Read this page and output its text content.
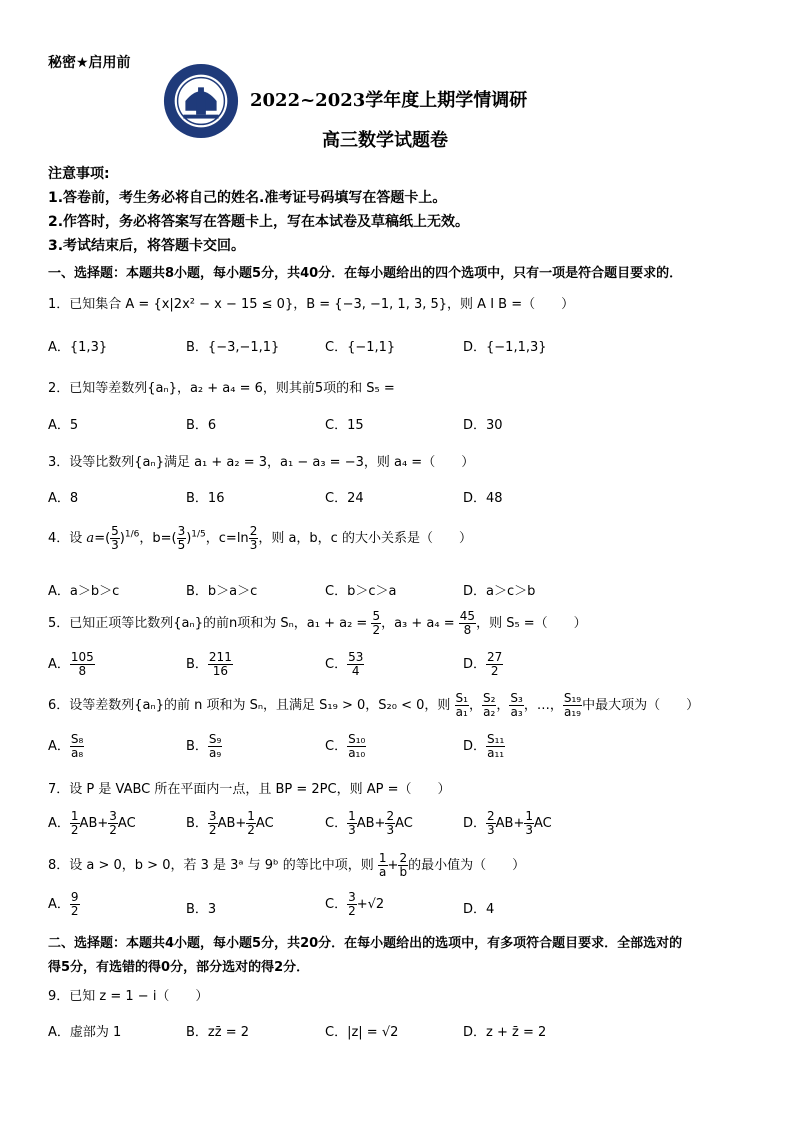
秘密★启用前
2022~2023学年度上期学情调研
高三数学试题卷
注意事项:
1.答卷前，考生务必将自己的姓名.准考证号码填写在答题卡上。
2.作答时，务必将答案写在答题卡上，写在本试卷及草稿纸上无效。
3.考试结束后，将答题卡交回。
一、选择题：本题共8小题，每小题5分，共40分．在每小题给出的四个选项中，只有一项是符合题目要求的．
1．已知集合 A = {x|2x² − x − 15 ≤ 0}，B = {−3, −1, 1, 3, 5}，则 A I B =（　　）
A．{1,3}	B．{−3,−1,1}	C．{−1,1}	D．{−1,1,3}
2．已知等差数列{aₙ}，a₂ + a₄ = 6，则其前5项的和 S₅ =
A．5	B．6	C．15	D．30
3．设等比数列{aₙ}满足 a₁ + a₂ = 3，a₁ − a₃ = −3，则 a₄ =（　　）
A．8	B．16	C．24	D．48
4．设 $a=( \frac{5}{3} )^{1/6}$，$b=( \frac{3}{5} )^{1/5}$，$c=\ln \frac{2}{3}$ ，则 a，b，c 的大小关系是（　　）
A．a＞b＞c	B．b＞a＞c	C．b＞c＞a	D．a＞c＞b
5．已知正项等比数列{aₙ}的前n项和为 Sₙ，$a_1 + a_2 = \frac{5}{2}$ ，$a_3 + a_4 = \frac{45}{8}$ ，则 S₅ =（　　）
A． $\frac{105}{8}$	B． $\frac{211}{16}$	C． $\frac{53}{4}$	D． $\frac{27}{2}$
6．设等差数列{aₙ}的前 n 项和为 Sₙ，且满足 S₁₉ > 0，S₂₀ < 0，则 $\frac{\text{S₁}}{\text{a₁}}$ ， $\frac{\text{S₂}}{\text{a₂}}$ ， $\frac{\text{S₃}}{\text{a₃}}$ ，…， $\frac{\text{S₁₉}}{\text{a₁₉}}$ 中最大项为（　　）
A． $\frac{\text{S₈}}{\text{a₈}}$	B． $\frac{\text{S₉}}{\text{a₉}}$	C． $\frac{\text{S₁₀}}{\text{a₁₀}}$	D． $\frac{\text{S₁₁}}{\text{a₁₁}}$
7．设 P 是 VABC 所在平面内一点，且 BP = 2PC，则 AP =（　　）
A． $\frac{1}{2} AB+ \frac{3}{2}$ AC	B． $\frac{3}{2} AB+ \frac{1}{2}$ AC	C． $\frac{1}{3} AB+ \frac{2}{3}$ AC	D． $\frac{2}{3} AB+ \frac{1}{3}$ AC
8．设 a > 0，b > 0，若 3 是 3ᵃ 与 9ᵇ 的等比中项，则 $\frac{1}{a} + \frac{2}{b}$ 的最小值为（　　）
A． $\frac{9}{2}$	B．3	C． $\frac{3}{2} +√2$	D．4
二、选择题：本题共4小题，每小题5分，共20分．在每小题给出的选项中，有多项符合题目要求．全部选对的
得5分，有选错的得0分，部分选对的得2分．
9．已知 z = 1 − i（　　）
A．虚部为 1	B．zz̄ = 2	C．|z| = √2	D．z + z̄ = 2
